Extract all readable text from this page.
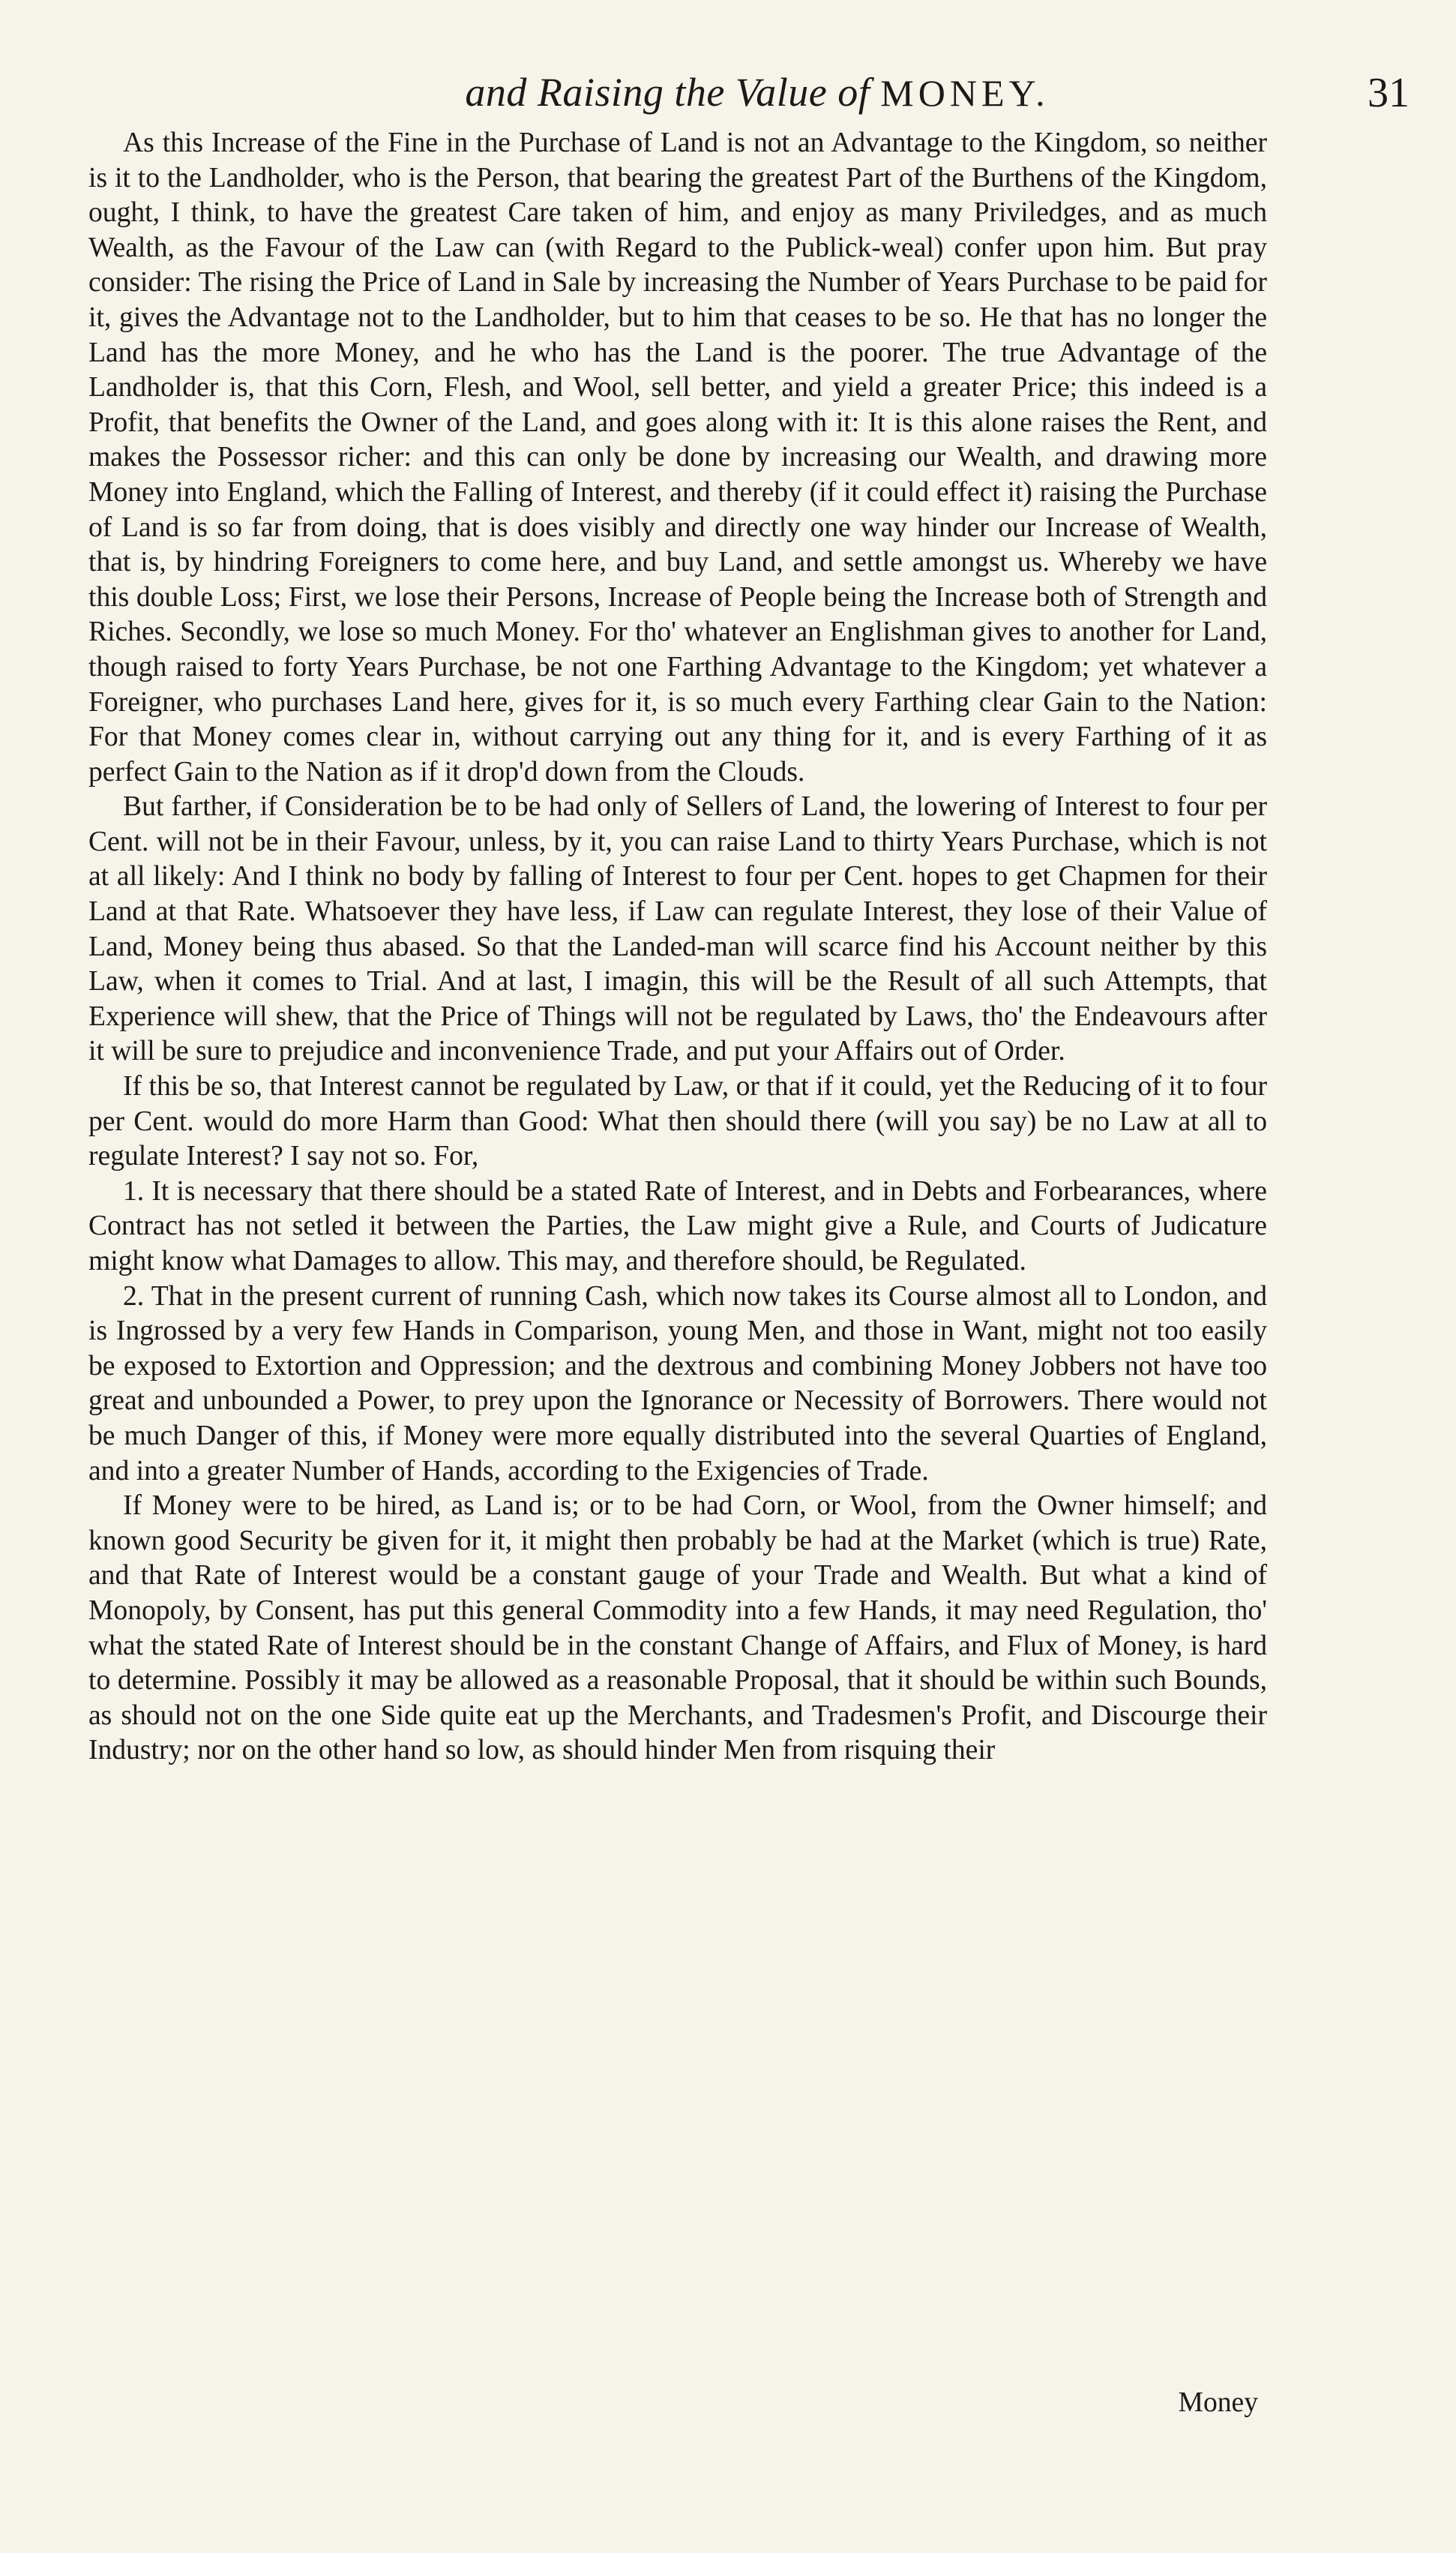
and Raising the Value of MONEY.	31

As this Increase of the Fine in the Purchase of Land is not an Advantage to the Kingdom, so neither is it to the Landholder, who is the Person, that bearing the greatest Part of the Burthens of the Kingdom, ought, I think, to have the greatest Care taken of him, and enjoy as many Priviledges, and as much Wealth, as the Favour of the Law can (with Regard to the Publick-weal) confer upon him. But pray consider: The rising the Price of Land in Sale by increasing the Number of Years Purchase to be paid for it, gives the Advantage not to the Landholder, but to him that ceases to be so. He that has no longer the Land has the more Money, and he who has the Land is the poorer. The true Advantage of the Landholder is, that this Corn, Flesh, and Wool, sell better, and yield a greater Price; this indeed is a Profit, that benefits the Owner of the Land, and goes along with it: It is this alone raises the Rent, and makes the Possessor richer: and this can only be done by increasing our Wealth, and drawing more Money into England, which the Falling of Interest, and thereby (if it could effect it) raising the Purchase of Land is so far from doing, that is does visibly and directly one way hinder our Increase of Wealth, that is, by hindring Foreigners to come here, and buy Land, and settle amongst us. Whereby we have this double Loss; First, we lose their Persons, Increase of People being the Increase both of Strength and Riches. Secondly, we lose so much Money. For tho' whatever an Englishman gives to another for Land, though raised to forty Years Purchase, be not one Farthing Advantage to the Kingdom; yet whatever a Foreigner, who purchases Land here, gives for it, is so much every Farthing clear Gain to the Nation: For that Money comes clear in, without carrying out any thing for it, and is every Farthing of it as perfect Gain to the Nation as if it drop'd down from the Clouds.

But farther, if Consideration be to be had only of Sellers of Land, the lowering of Interest to four per Cent. will not be in their Favour, unless, by it, you can raise Land to thirty Years Purchase, which is not at all likely: And I think no body by falling of Interest to four per Cent. hopes to get Chapmen for their Land at that Rate. Whatsoever they have less, if Law can regulate Interest, they lose of their Value of Land, Money being thus abased. So that the Landed-man will scarce find his Account neither by this Law, when it comes to Trial. And at last, I imagin, this will be the Result of all such Attempts, that Experience will shew, that the Price of Things will not be regulated by Laws, tho' the Endeavours after it will be sure to prejudice and inconvenience Trade, and put your Affairs out of Order.

If this be so, that Interest cannot be regulated by Law, or that if it could, yet the Reducing of it to four per Cent. would do more Harm than Good: What then should there (will you say) be no Law at all to regulate Interest? I say not so. For,

1. It is necessary that there should be a stated Rate of Interest, and in Debts and Forbearances, where Contract has not setled it between the Parties, the Law might give a Rule, and Courts of Judicature might know what Damages to allow. This may, and therefore should, be Regulated.

2. That in the present current of running Cash, which now takes its Course almost all to London, and is Ingrossed by a very few Hands in Comparison, young Men, and those in Want, might not too easily be exposed to Extortion and Oppression; and the dextrous and combining Money Jobbers not have too great and unbounded a Power, to prey upon the Ignorance or Necessity of Borrowers. There would not be much Danger of this, if Money were more equally distributed into the several Quarties of England, and into a greater Number of Hands, according to the Exigencies of Trade.

If Money were to be hired, as Land is; or to be had Corn, or Wool, from the Owner himself; and known good Security be given for it, it might then probably be had at the Market (which is true) Rate, and that Rate of Interest would be a constant gauge of your Trade and Wealth. But what a kind of Monopoly, by Consent, has put this general Commodity into a few Hands, it may need Regulation, tho' what the stated Rate of Interest should be in the constant Change of Affairs, and Flux of Money, is hard to determine. Possibly it may be allowed as a reasonable Proposal, that it should be within such Bounds, as should not on the one Side quite eat up the Merchants, and Tradesmen's Profit, and Discourge their Industry; nor on the other hand so low, as should hinder Men from risquing their

Money
